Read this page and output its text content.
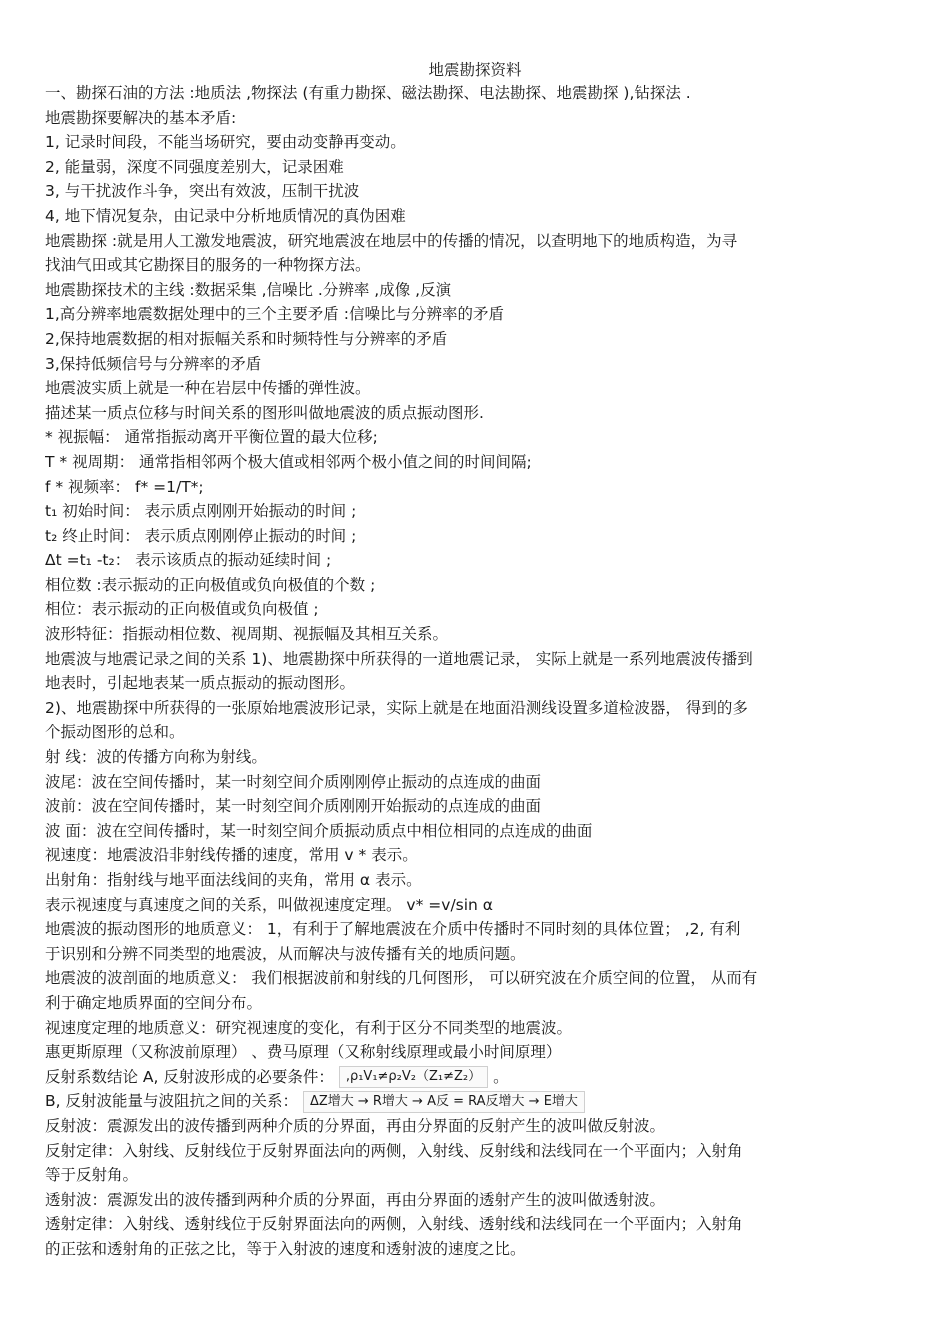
地震勘探资料
一、勘探石油的方法 :地质法 ,物探法 (有重力勘探、磁法勘探、电法勘探、地震勘探 ),钻探法 .
地震勘探要解决的基本矛盾:
1, 记录时间段，不能当场研究，要由动变静再变动。
2, 能量弱，深度不同强度差别大，记录困难
3, 与干扰波作斗争，突出有效波，压制干扰波
4, 地下情况复杂，由记录中分析地质情况的真伪困难
地震勘探 :就是用人工激发地震波，研究地震波在地层中的传播的情况，以查明地下的地质构造，为寻
找油气田或其它勘探目的服务的一种物探方法。
地震勘探技术的主线 :数据采集 ,信噪比 .分辨率 ,成像 ,反演
1,高分辨率地震数据处理中的三个主要矛盾 :信噪比与分辨率的矛盾
2,保持地震数据的相对振幅关系和时频特性与分辨率的矛盾
3,保持低频信号与分辨率的矛盾
地震波实质上就是一种在岩层中传播的弹性波。
描述某一质点位移与时间关系的图形叫做地震波的质点振动图形.
* 视振幅： 通常指振动离开平衡位置的最大位移;
T * 视周期： 通常指相邻两个极大值或相邻两个极小值之间的时间间隔;
f * 视频率： f* =1/T*;
t₁ 初始时间： 表示质点刚刚开始振动的时间 ;
t₂ 终止时间： 表示质点刚刚停止振动的时间 ;
Δt =t₁ -t₂： 表示该质点的振动延续时间 ;
相位数 :表示振动的正向极值或负向极值的个数 ;
相位：表示振动的正向极值或负向极值 ;
波形特征：指振动相位数、视周期、视振幅及其相互关系。
地震波与地震记录之间的关系 1)、地震勘探中所获得的一道地震记录， 实际上就是一系列地震波传播到
地表时，引起地表某一质点振动的振动图形。
2)、地震勘探中所获得的一张原始地震波形记录，实际上就是在地面沿测线设置多道检波器， 得到的多
个振动图形的总和。
射 线：波的传播方向称为射线。
波尾：波在空间传播时，某一时刻空间介质刚刚停止振动的点连成的曲面
波前：波在空间传播时，某一时刻空间介质刚刚开始振动的点连成的曲面
波 面：波在空间传播时，某一时刻空间介质振动质点中相位相同的点连成的曲面
视速度：地震波沿非射线传播的速度，常用 v * 表示。
出射角：指射线与地平面法线间的夹角，常用 α 表示。
表示视速度与真速度之间的关系，叫做视速度定理。 v* =v/sin α
地震波的振动图形的地质意义： 1，有利于了解地震波在介质中传播时不同时刻的具体位置； ,2, 有利
于识别和分辨不同类型的地震波，从而解决与波传播有关的地质问题。
地震波的波剖面的地质意义： 我们根据波前和射线的几何图形， 可以研究波在介质空间的位置， 从而有
利于确定地质界面的空间分布。
视速度定理的地质意义：研究视速度的变化，有利于区分不同类型的地震波。
惠更斯原理（又称波前原理） 、费马原理（又称射线原理或最小时间原理）
反射系数结论 A, 反射波形成的必要条件： ,ρ₁V₁≠ρ₂V₂（Z₁≠Z₂） 。
B, 反射波能量与波阻抗之间的关系： ΔZ增大 → R增大 → A反 = RA反增大 → E增大
反射波：震源发出的波传播到两种介质的分界面，再由分界面的反射产生的波叫做反射波。
反射定律：入射线、反射线位于反射界面法向的两侧，入射线、反射线和法线同在一个平面内；入射角
等于反射角。
透射波：震源发出的波传播到两种介质的分界面，再由分界面的透射产生的波叫做透射波。
透射定律：入射线、透射线位于反射界面法向的两侧，入射线、透射线和法线同在一个平面内；入射角
的正弦和透射角的正弦之比，等于入射波的速度和透射波的速度之比。
